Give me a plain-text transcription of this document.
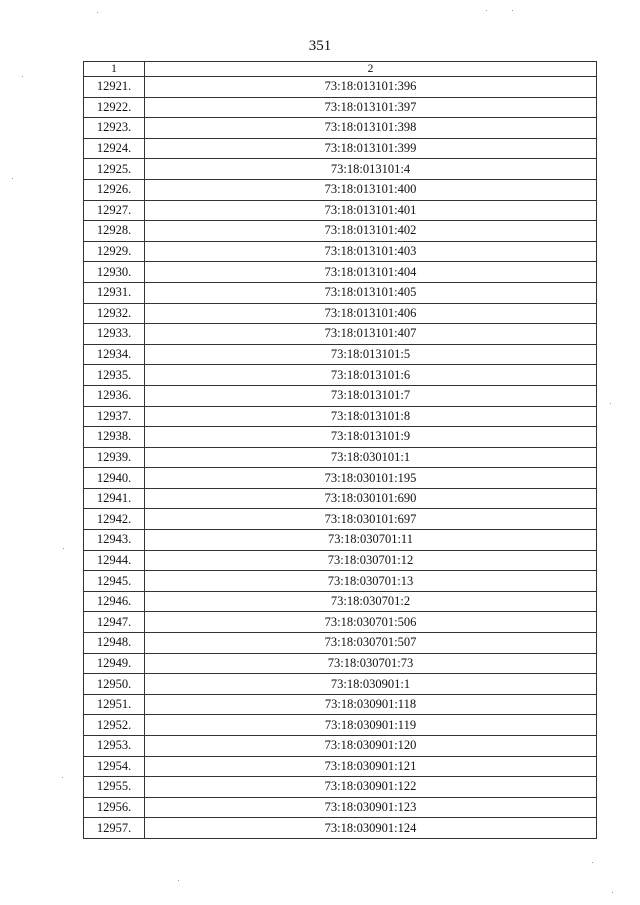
351
1	2
12921.	73:18:013101:396
12922.	73:18:013101:397
12923.	73:18:013101:398
12924.	73:18:013101:399
12925.	73:18:013101:4
12926.	73:18:013101:400
12927.	73:18:013101:401
12928.	73:18:013101:402
12929.	73:18:013101:403
12930.	73:18:013101:404
12931.	73:18:013101:405
12932.	73:18:013101:406
12933.	73:18:013101:407
12934.	73:18:013101:5
12935.	73:18:013101:6
12936.	73:18:013101:7
12937.	73:18:013101:8
12938.	73:18:013101:9
12939.	73:18:030101:1
12940.	73:18:030101:195
12941.	73:18:030101:690
12942.	73:18:030101:697
12943.	73:18:030701:11
12944.	73:18:030701:12
12945.	73:18:030701:13
12946.	73:18:030701:2
12947.	73:18:030701:506
12948.	73:18:030701:507
12949.	73:18:030701:73
12950.	73:18:030901:1
12951.	73:18:030901:118
12952.	73:18:030901:119
12953.	73:18:030901:120
12954.	73:18:030901:121
12955.	73:18:030901:122
12956.	73:18:030901:123
12957.	73:18:030901:124
